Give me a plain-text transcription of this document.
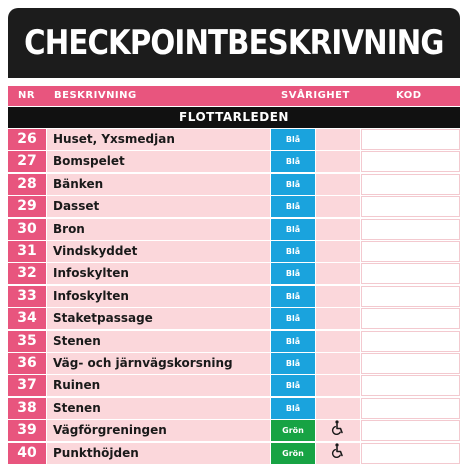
CHECKPOINTBESKRIVNING
NR BESKRIVNING	SVÅRIGHET	KOD
FLOTTARLEDEN
26	Huset, Yxsmedjan	Blå
27	Bomspelet	Blå
28	Bänken	Blå
29	Dasset	Blå
30	Bron	Blå
31	Vindskyddet	Blå
32	Infoskylten	Blå
33	Infoskylten	Blå
34	Staketpassage	Blå
35	Stenen	Blå
36	Väg- och järnvägskorsning	Blå
37	Ruinen	Blå
38	Stenen	Blå
39	Vägförgreningen	Grön
40	Punkthöjden	Grön
